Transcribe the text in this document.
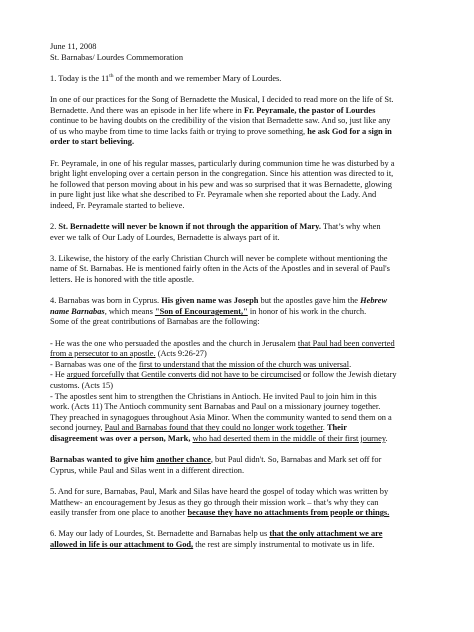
June 11, 2008
St. Barnabas/ Lourdes Commemoration
1. Today is the 11th of the month and we remember Mary of Lourdes.
In one of our practices for the Song of Bernadette the Musical, I decided to read more on the life of St.
Bernadette. And there was an episode in her life where in Fr. Peyramale, the pastor of Lourdes
continue to be having doubts on the credibility of the vision that Bernadette saw. And so, just like any
of us who maybe from time to time lacks faith or trying to prove something, he ask God for a sign in
order to start believing.
Fr. Peyramale, in one of his regular masses, particularly during communion time he was disturbed by a
bright light enveloping over a certain person in the congregation. Since his attention was directed to it,
he followed that person moving about in his pew and was so surprised that it was Bernadette, glowing
in pure light just like what she described to Fr. Peyramale when she reported about the Lady. And
indeed, Fr. Peyramale started to believe.
2. St. Bernadette will never be known if not through the apparition of Mary. That’s why when
ever we talk of Our Lady of Lourdes, Bernadette is always part of it.
3. Likewise, the history of the early Christian Church will never be complete without mentioning the
name of St. Barnabas. He is mentioned fairly often in the Acts of the Apostles and in several of Paul's
letters. He is honored with the title apostle.
4. Barnabas was born in Cyprus. His given name was Joseph but the apostles gave him the Hebrew
name Barnabas, which means "Son of Encouragement," in honor of his work in the church.
Some of the great contributions of Barnabas are the following:
- He was the one who persuaded the apostles and the church in Jerusalem that Paul had been converted
from a persecutor to an apostle. (Acts 9:26-27)
- Barnabas was one of the first to understand that the mission of the church was universal.
- He argued forcefully that Gentile converts did not have to be circumcised or follow the Jewish dietary
customs. (Acts 15)
- The apostles sent him to strengthen the Christians in Antioch. He invited Paul to join him in this
work. (Acts 11) The Antioch community sent Barnabas and Paul on a missionary journey together.
They preached in synagogues throughout Asia Minor. When the community wanted to send them on a
second journey, Paul and Barnabas found that they could no longer work together. Their
disagreement was over a person, Mark, who had deserted them in the middle of their first journey.
Barnabas wanted to give him another chance, but Paul didn't. So, Barnabas and Mark set off for
Cyprus, while Paul and Silas went in a different direction.
5. And for sure, Barnabas, Paul, Mark and Silas have heard the gospel of today which was written by
Matthew- an encouragement by Jesus as they go through their mission work – that’s why they can
easily transfer from one place to another because they have no attachments from people or things.
6. May our lady of Lourdes, St. Bernadette and Barnabas help us that the only attachment we are
allowed in life is our attachment to God, the rest are simply instrumental to motivate us in life.
